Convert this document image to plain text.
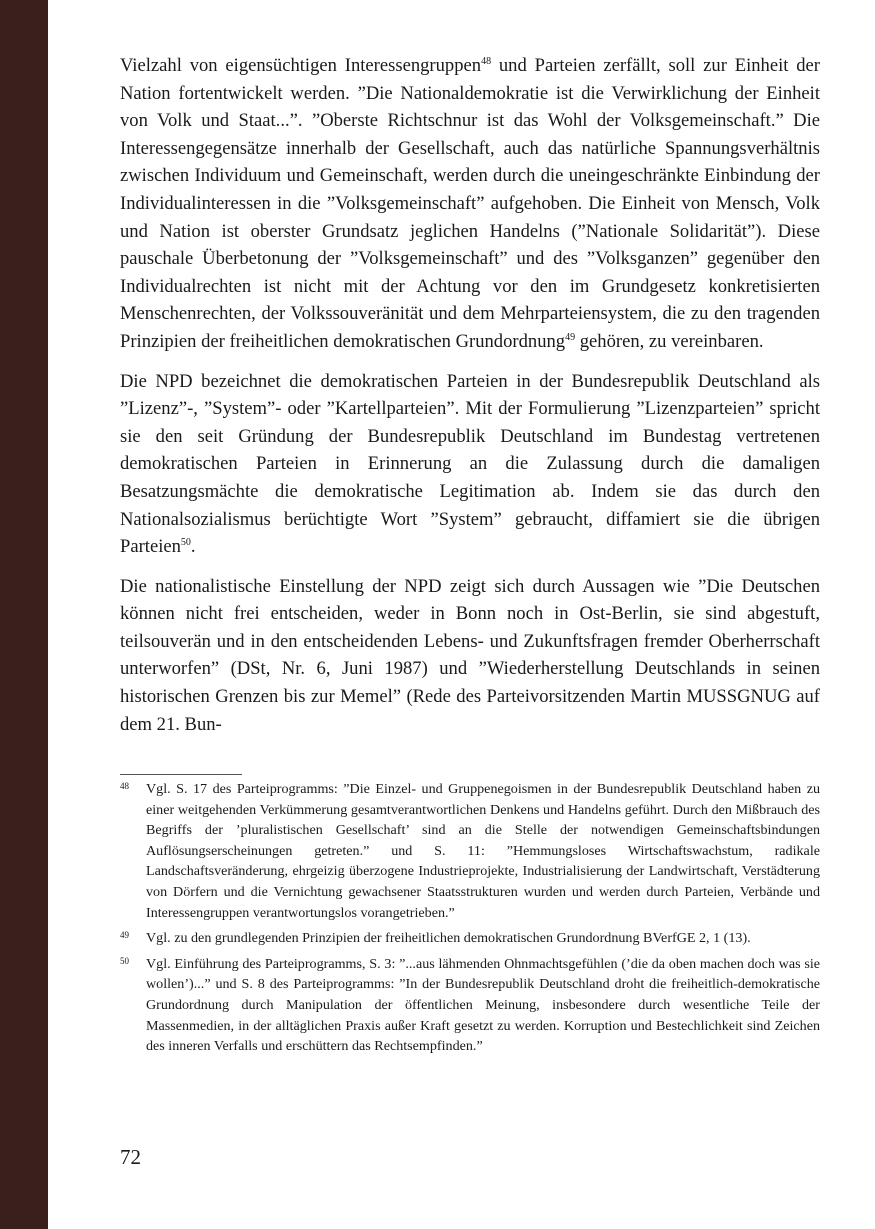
Vielzahl von eigensüchtigen Interessengruppen$^{48}$ und Parteien zerfällt, soll zur Einheit der Nation fortentwickelt werden. ”Die Nationaldemokratie ist die Verwirklichung der Einheit von Volk und Staat...”. ”Oberste Richtschnur ist das Wohl der Volksgemeinschaft.” Die Interessengegensätze innerhalb der Gesellschaft, auch das natürliche Spannungsverhältnis zwischen Individuum und Gemeinschaft, werden durch die uneingeschränkte Einbindung der Individualinteressen in die ”Volksgemeinschaft” aufgehoben. Die Einheit von Mensch, Volk und Nation ist oberster Grundsatz jeglichen Handelns (”Nationale Solidarität”). Diese pauschale Überbetonung der ”Volksgemeinschaft” und des ”Volksganzen” gegenüber den Individualrechten ist nicht mit der Achtung vor den im Grundgesetz konkretisierten Menschenrechten, der Volkssouveränität und dem Mehrparteiensystem, die zu den tragenden Prinzipien der freiheitlichen demokratischen Grundordnung$^{49}$ gehören, zu vereinbaren.

Die NPD bezeichnet die demokratischen Parteien in der Bundesrepublik Deutschland als ”Lizenz”-, ”System”- oder ”Kartellparteien”. Mit der Formulierung ”Lizenzparteien” spricht sie den seit Gründung der Bundesrepublik Deutschland im Bundestag vertretenen demokratischen Parteien in Erinnerung an die Zulassung durch die damaligen Besatzungsmächte die demokratische Legitimation ab. Indem sie das durch den Nationalsozialismus berüchtigte Wort ”System” gebraucht, diffamiert sie die übrigen Parteien$^{50}$.

Die nationalistische Einstellung der NPD zeigt sich durch Aussagen wie ”Die Deutschen können nicht frei entscheiden, weder in Bonn noch in Ost-Berlin, sie sind abgestuft, teilsouverän und in den entscheidenden Lebens- und Zukunftsfragen fremder Oberherrschaft unterworfen” (DSt, Nr. 6, Juni 1987) und ”Wiederherstellung Deutschlands in seinen historischen Grenzen bis zur Memel” (Rede des Parteivorsitzenden Martin MUSSGNUG auf dem 21. Bun-

48 Vgl. S. 17 des Parteiprogramms: ”Die Einzel- und Gruppenegoismen in der Bundesrepublik Deutschland haben zu einer weitgehenden Verkümmerung gesamtverantwortlichen Denkens und Handelns geführt. Durch den Mißbrauch des Begriffs der ’pluralistischen Gesellschaft’ sind an die Stelle der notwendigen Gemeinschaftsbindungen Auflösungserscheinungen getreten.” und S. 11: ”Hemmungsloses Wirtschaftswachstum, radikale Landschaftsveränderung, ehrgeizig überzogene Industrieprojekte, Industrialisierung der Landwirtschaft, Verstädterung von Dörfern und die Vernichtung gewachsener Staatsstrukturen wurden und werden durch Parteien, Verbände und Interessengruppen verantwortungslos vorangetrieben.”
49 Vgl. zu den grundlegenden Prinzipien der freiheitlichen demokratischen Grundordnung BVerfGE 2, 1 (13).
50 Vgl. Einführung des Parteiprogramms, S. 3: ”...aus lähmenden Ohnmachtsgefühlen (’die da oben machen doch was sie wollen’)...” und S. 8 des Parteiprogramms: ”In der Bundesrepublik Deutschland droht die freiheitlich-demokratische Grundordnung durch Manipulation der öffentlichen Meinung, insbesondere durch wesentliche Teile der Massenmedien, in der alltäglichen Praxis außer Kraft gesetzt zu werden. Korruption und Bestechlichkeit sind Zeichen des inneren Verfalls und erschüttern das Rechtsempfinden.”
72
